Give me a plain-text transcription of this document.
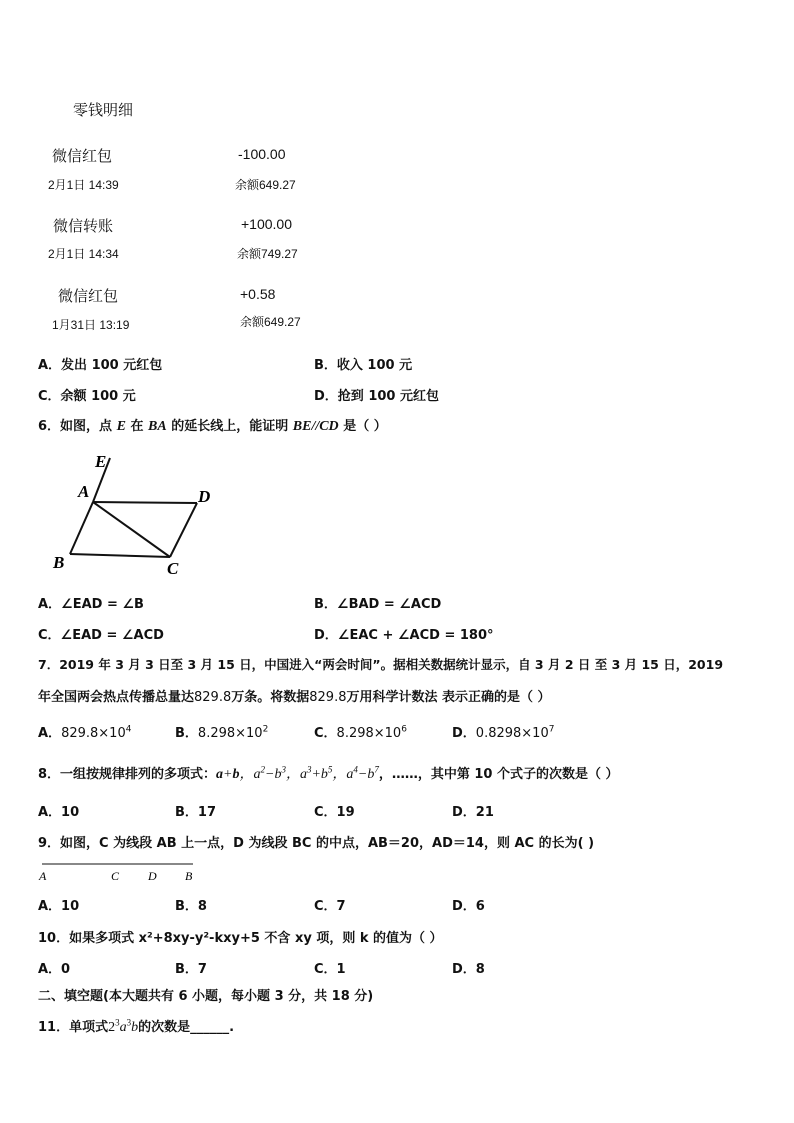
零钱明细
微信红包	-100.00
2月1日 14:39	余额649.27
微信转账	+100.00
2月1日 14:34	余额749.27
微信红包	+0.58
1月31日 13:19	余额649.27
A．发出 100 元红包	B．收入 100 元
C．余额 100 元	D．抢到 100 元红包
6．如图，点 E 在 BA 的延长线上，能证明 BE//CD 是（ ）
E
A	D
B	C
A．∠EAD = ∠B	B．∠BAD = ∠ACD
C．∠EAD = ∠ACD	D．∠EAC + ∠ACD = 180°
7．2019 年 3 月 3 日至 3 月 15 日，中国进入“两会时间”。据相关数据统计显示，自 3 月 2 日 至 3 月 15 日，2019
年全国两会热点传播总量达829.8万条。将数据829.8万用科学计数法 表示正确的是（ ）
A．$829.8\times 10^4$	B．$8.298\times 10^2$	C．$8.298\times 10^6$	D．$0.8298\times 10^7$
8．一组按规律排列的多项式：a+b，$a^2-b^3$，$a^3+b^5$，$a^4-b^7$，……，其中第 10 个式子的次数是（ ）
A．10	B．17	C．19	D．21
9．如图，C 为线段 AB 上一点，D 为线段 BC 的中点，AB＝20，AD＝14，则 AC 的长为( )
A	C D B
A．10	B．8	C．7	D．6
10．如果多项式 x²+8xy-y²-kxy+5 不含 xy 项，则 k 的值为（ ）
A．0	B．7	C．1	D．8
二、填空题(本大题共有 6 小题，每小题 3 分，共 18 分)
11．单项式$2^3a^3b$的次数是______.
